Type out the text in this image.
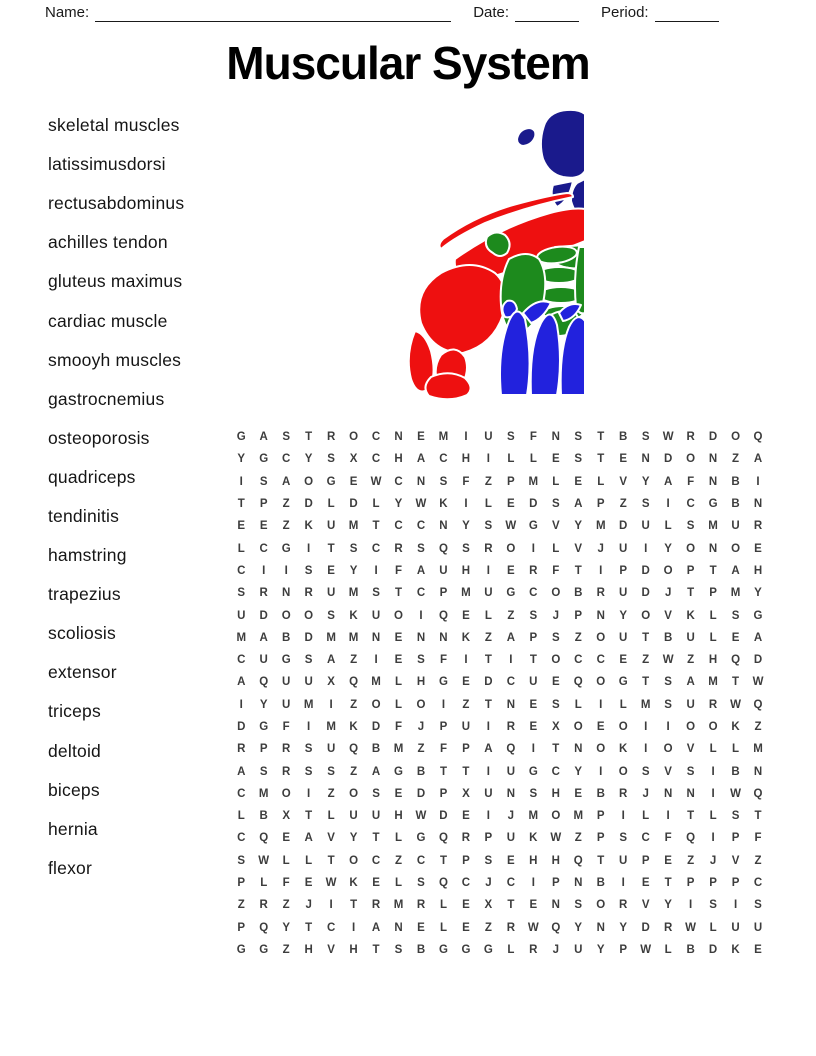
Name:	Date:	Period:
Muscular System
skeletal muscles
latissimusdorsi
rectusabdominus
achilles tendon
gluteus maximus
cardiac muscle
smooyh muscles
gastrocnemius
osteoporosis
quadriceps
tendinitis
hamstring
trapezius
scoliosis
extensor
triceps
deltoid
biceps
hernia
flexor
G	A	S	T	R	O	C	N	E	M	I	U	S	F	N	S	T	B	S	W	R	D	O	Q
Y	G	C	Y	S	X	C	H	A	C	H	I	L	L	E	S	T	E	N	D	O	N	Z	A
I	S	A	O	G	E	W	C	N	S	F	Z	P	M	L	E	L	V	Y	A	F	N	B	I
T	P	Z	D	L	D	L	Y	W	K	I	L	E	D	S	A	P	Z	S	I	C	G	B	N
E	E	Z	K	U	M	T	C	C	N	Y	S	W	G	V	Y	M	D	U	L	S	M	U	R
L	C	G	I	T	S	C	R	S	Q	S	R	O	I	L	V	J	U	I	Y	O	N	O	E
C	I	I	S	E	Y	I	F	A	U	H	I	E	R	F	T	I	P	D	O	P	T	A	H
S	R	N	R	U	M	S	T	C	P	M	U	G	C	O	B	R	U	D	J	T	P	M	Y
U	D	O	O	S	K	U	O	I	Q	E	L	Z	S	J	P	N	Y	O	V	K	L	S	G
M	A	B	D	M	M	N	E	N	N	K	Z	A	P	S	Z	O	U	T	B	U	L	E	A
C	U	G	S	A	Z	I	E	S	F	I	T	I	T	O	C	C	E	Z	W	Z	H	Q	D
A	Q	U	U	X	Q	M	L	H	G	E	D	C	U	E	Q	O	G	T	S	A	M	T	W
I	Y	U	M	I	Z	O	L	O	I	Z	T	N	E	S	L	I	L	M	S	U	R	W	Q
D	G	F	I	M	K	D	F	J	P	U	I	R	E	X	O	E	O	I	I	O	O	K	Z
R	P	R	S	U	Q	B	M	Z	F	P	A	Q	I	T	N	O	K	I	O	V	L	L	M
A	S	R	S	S	Z	A	G	B	T	T	I	U	G	C	Y	I	O	S	V	S	I	B	N
C	M	O	I	Z	O	S	E	D	P	X	U	N	S	H	E	B	R	J	N	N	I	W	Q
L	B	X	T	L	U	U	H	W	D	E	I	J	M	O	M	P	I	L	I	T	L	S	T
C	Q	E	A	V	Y	T	L	G	Q	R	P	U	K	W	Z	P	S	C	F	Q	I	P	F
S	W	L	L	T	O	C	Z	C	T	P	S	E	H	H	Q	T	U	P	E	Z	J	V	Z
P	L	F	E	W	K	E	L	S	Q	C	J	C	I	P	N	B	I	E	T	P	P	P	C
Z	R	Z	J	I	T	R	M	R	L	E	X	T	E	N	S	O	R	V	Y	I	S	I	S
P	Q	Y	T	C	I	A	N	E	L	E	Z	R	W	Q	Y	N	Y	D	R	W	L	U	U
G	G	Z	H	V	H	T	S	B	G	G	G	L	R	J	U	Y	P	W	L	B	D	K	E
